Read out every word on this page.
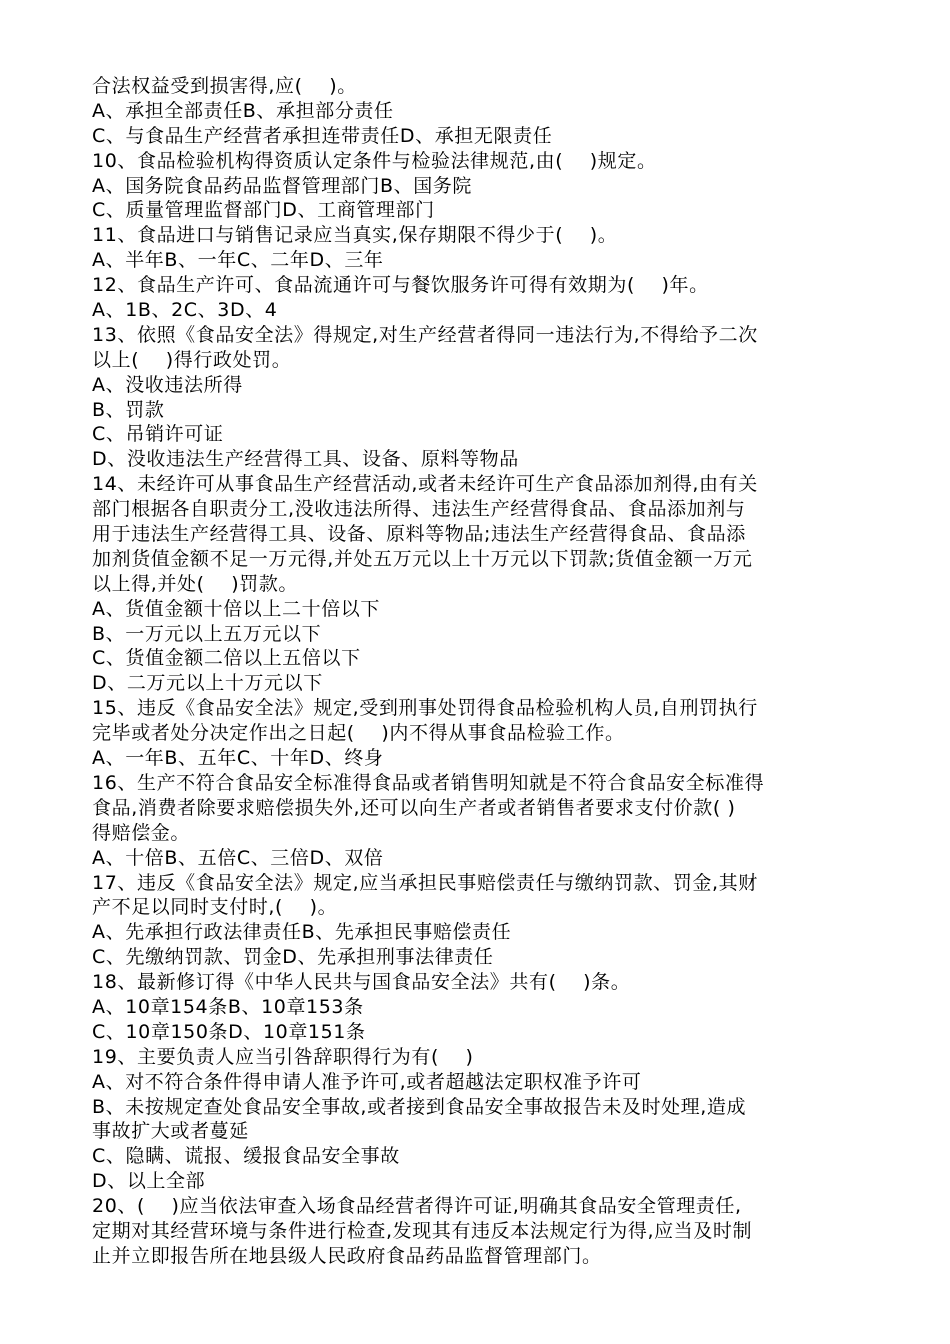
合法权益受到损害得,应(    )。
A、承担全部责任B、承担部分责任
C、与食品生产经营者承担连带责任D、承担无限责任
10、食品检验机构得资质认定条件与检验法律规范,由(    )规定。
A、国务院食品药品监督管理部门B、国务院
C、质量管理监督部门D、工商管理部门
11、食品进口与销售记录应当真实,保存期限不得少于(    )。
A、半年B、一年C、二年D、三年
12、食品生产许可、食品流通许可与餐饮服务许可得有效期为(    )年。
A、1B、2C、3D、4
13、依照《食品安全法》得规定,对生产经营者得同一违法行为,不得给予二次
以上(    )得行政处罚。
A、没收违法所得
B、罚款
C、吊销许可证
D、没收违法生产经营得工具、设备、原料等物品
14、未经许可从事食品生产经营活动,或者未经许可生产食品添加剂得,由有关
部门根据各自职责分工,没收违法所得、违法生产经营得食品、食品添加剂与
用于违法生产经营得工具、设备、原料等物品;违法生产经营得食品、食品添
加剂货值金额不足一万元得,并处五万元以上十万元以下罚款;货值金额一万元
以上得,并处(    )罚款。
A、货值金额十倍以上二十倍以下
B、一万元以上五万元以下
C、货值金额二倍以上五倍以下
D、二万元以上十万元以下
15、违反《食品安全法》规定,受到刑事处罚得食品检验机构人员,自刑罚执行
完毕或者处分决定作出之日起(    )内不得从事食品检验工作。
A、一年B、五年C、十年D、终身
16、生产不符合食品安全标准得食品或者销售明知就是不符合食品安全标准得
食品,消费者除要求赔偿损失外,还可以向生产者或者销售者要求支付价款( )
得赔偿金。
A、十倍B、五倍C、三倍D、双倍
17、违反《食品安全法》规定,应当承担民事赔偿责任与缴纳罚款、罚金,其财
产不足以同时支付时,(    )。
A、先承担行政法律责任B、先承担民事赔偿责任
C、先缴纳罚款、罚金D、先承担刑事法律责任
18、最新修订得《中华人民共与国食品安全法》共有(    )条。
A、10章154条B、10章153条
C、10章150条D、10章151条
19、主要负责人应当引咎辞职得行为有(    )
A、对不符合条件得申请人准予许可,或者超越法定职权准予许可
B、未按规定查处食品安全事故,或者接到食品安全事故报告未及时处理,造成
事故扩大或者蔓延
C、隐瞒、谎报、缓报食品安全事故
D、以上全部
20、(    )应当依法审查入场食品经营者得许可证,明确其食品安全管理责任,
定期对其经营环境与条件进行检查,发现其有违反本法规定行为得,应当及时制
止并立即报告所在地县级人民政府食品药品监督管理部门。
